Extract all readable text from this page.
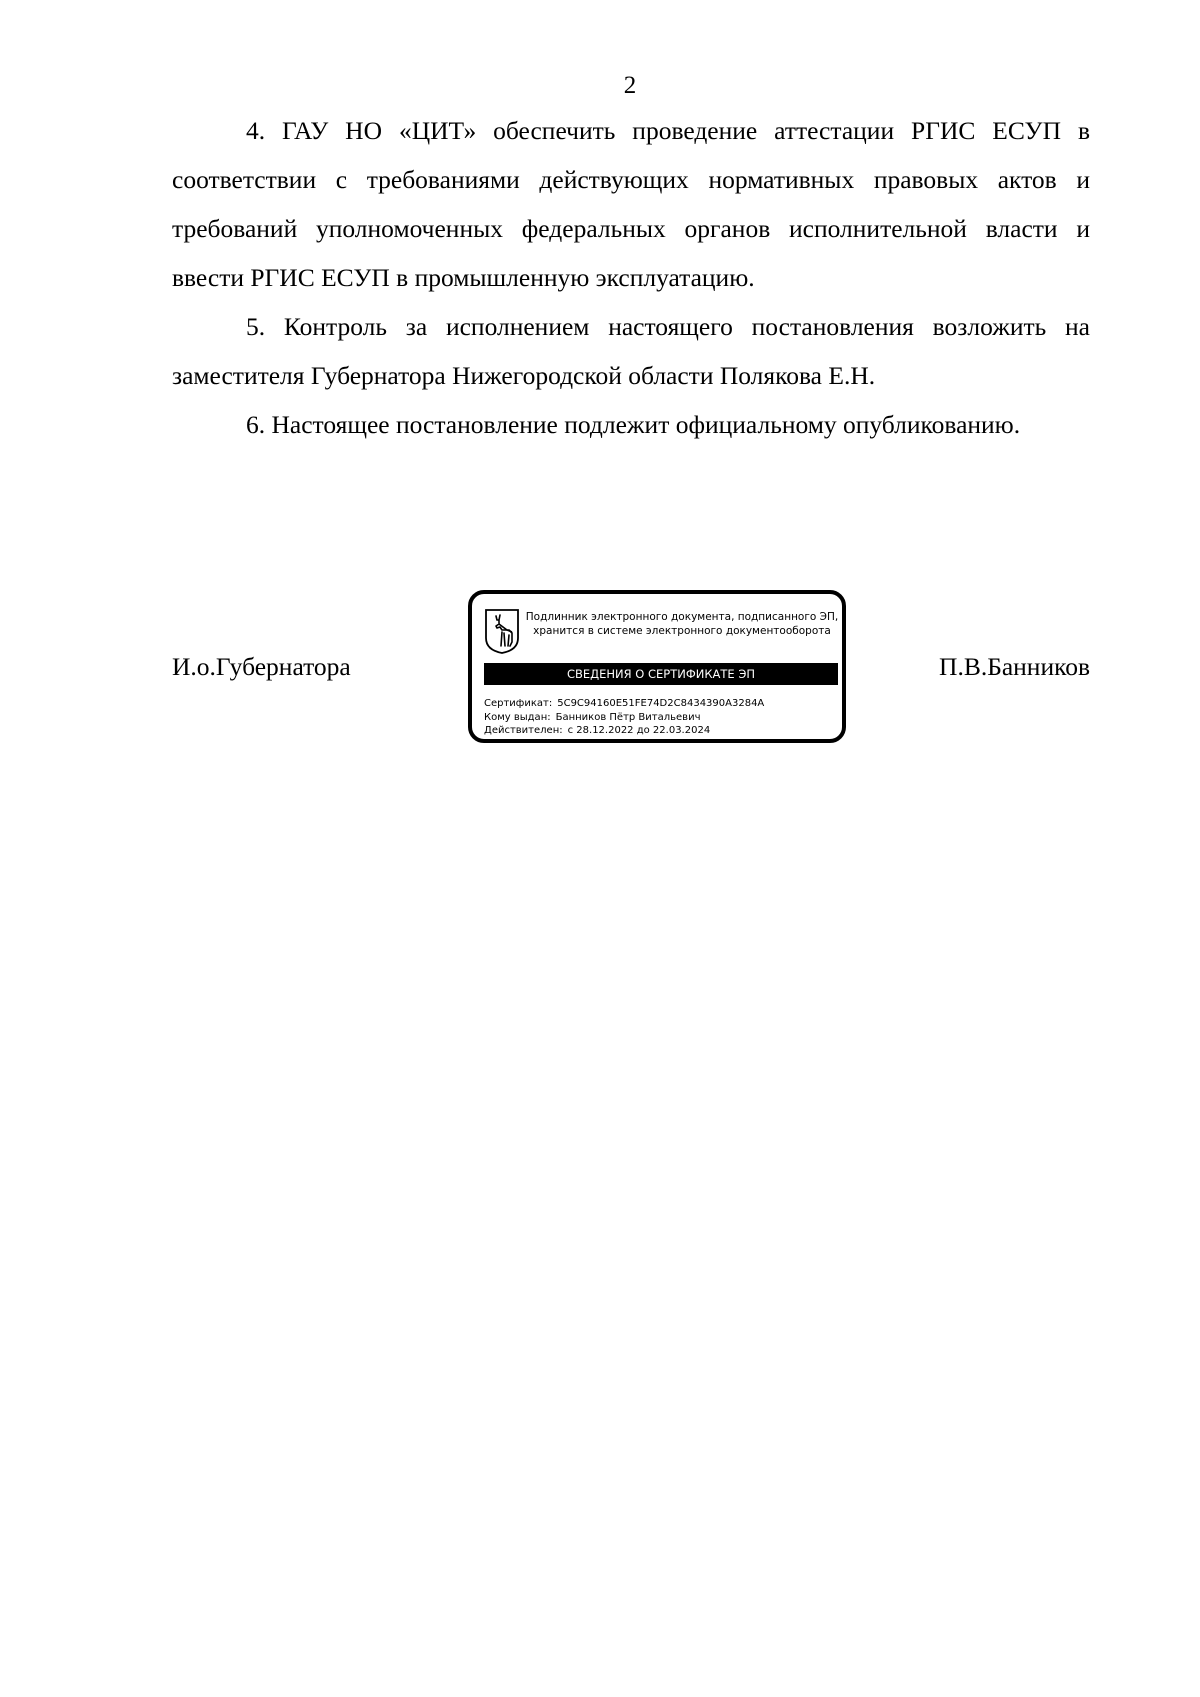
2

4. ГАУ НО «ЦИТ» обеспечить проведение аттестации РГИС ЕСУП в соответствии с требованиями действующих нормативных правовых актов и требований уполномоченных федеральных органов исполнительной власти и ввести РГИС ЕСУП в промышленную эксплуатацию.

5. Контроль за исполнением настоящего постановления возложить на заместителя Губернатора Нижегородской области Полякова Е.Н.

6. Настоящее постановление подлежит официальному опубликованию.

И.о.Губернатора
Подлинник электронного документа, подписанного ЭП,
хранится в системе электронного документооборота
СВЕДЕНИЯ О СЕРТИФИКАТЕ ЭП
Сертификат: 5C9C94160E51FE74D2C8434390A3284A
Кому выдан: Банников Пётр Витальевич
Действителен: с 28.12.2022 до 22.03.2024
П.В.Банников
